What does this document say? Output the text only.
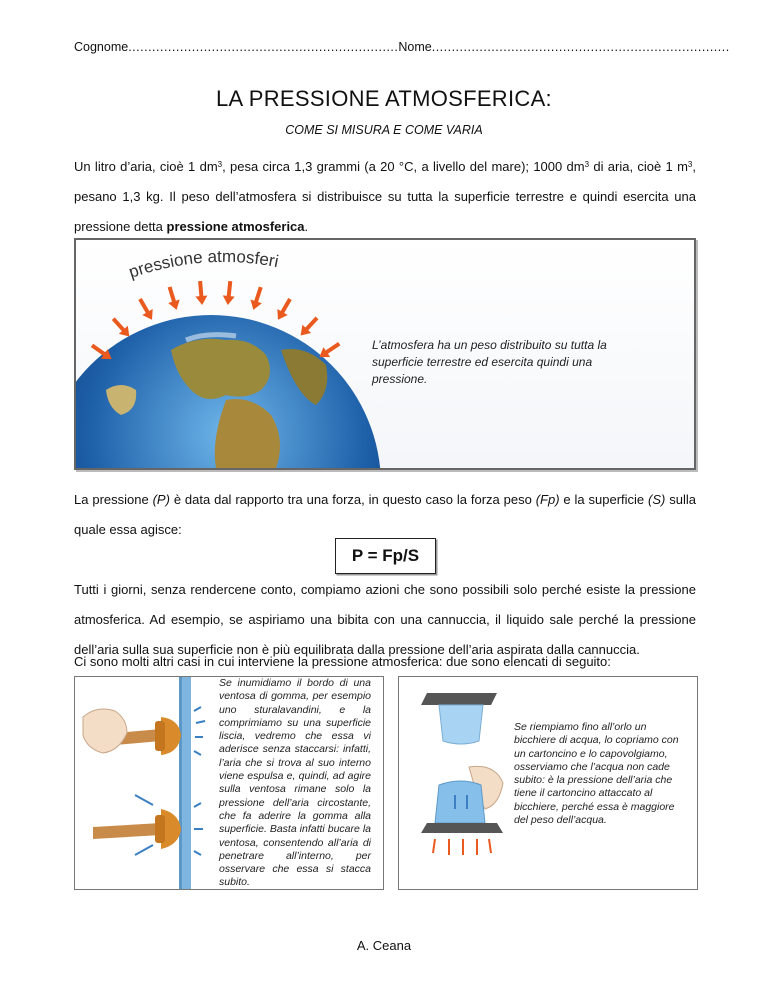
Cognome....................................................................Nome...........................................................................
LA PRESSIONE ATMOSFERICA:
COME SI MISURA E COME VARIA
Un litro d’aria, cioè 1 $dm^3$, pesa circa 1,3 grammi (a 20 °C, a livello del mare); 1000 $dm^3$ di aria, cioè 1 $m^3$, pesano 1,3 kg. Il peso dell’atmosfera si distribuisce su tutta la superficie terrestre e quindi esercita una pressione detta pressione atmosferica.
pressione atmosferi
L’atmosfera ha un peso distribuito su tutta la superficie terrestre ed esercita quindi una pressione.
La pressione (P) è data dal rapporto tra una forza, in questo caso la forza peso (Fp) e la superficie (S) sulla quale essa agisce:
P = Fp/S
Tutti i giorni, senza rendercene conto, compiamo azioni che sono possibili solo perché esiste la pressione atmosferica. Ad esempio, se aspiriamo una bibita con una cannuccia, il liquido sale perché la pressione dell’aria sulla sua superficie non è più equilibrata dalla pressione dell’aria aspirata dalla cannuccia.
Ci sono molti altri casi in cui interviene la pressione atmosferica: due sono elencati di seguito:
Se inumidiamo il bordo di una ventosa di gomma, per esempio uno sturalavandini, e la comprimiamo su una superficie liscia, vedremo che essa vi aderisce senza staccarsi: infatti, l’aria che si trova al suo interno viene espulsa e, quindi, ad agire sulla ventosa rimane solo la pressione dell’aria circostante, che fa aderire la gomma alla superficie. Basta infatti bucare la ventosa, consentendo all’aria di penetrare all’interno, per osservare che essa si stacca subito.
Se riempiamo fino all’orlo un bicchiere di acqua, lo copriamo con un cartoncino e lo capovolgiamo, osserviamo che l’acqua non cade subito: è la pressione dell’aria che tiene il cartoncino attaccato al bicchiere, perché essa è maggiore del peso dell’acqua.
A. Ceana
